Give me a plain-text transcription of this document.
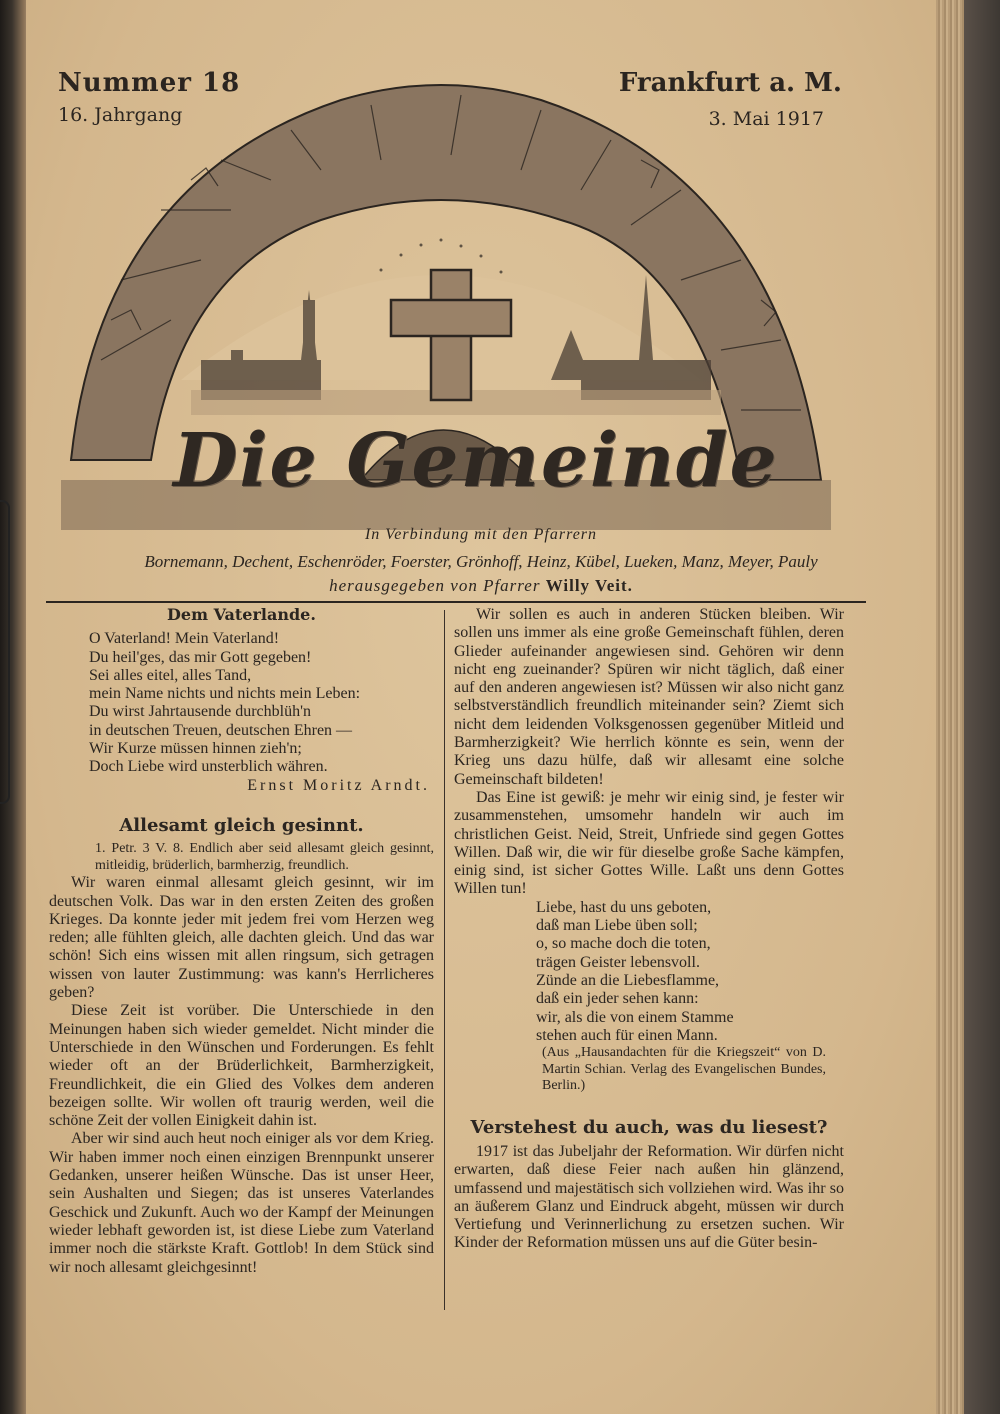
Nummer 18
16. Jahrgang
Frankfurt a. M.
3. Mai 1917
Die Gemeinde
In Verbindung mit den Pfarrern
Bornemann, Dechent, Eschenröder, Foerster, Grönhoff, Heinz, Kübel, Lueken, Manz, Meyer, Pauly
herausgegeben von Pfarrer Willy Veit.
Dem Vaterlande.
O Vaterland! Mein Vaterland!
Du heil'ges, das mir Gott gegeben!
Sei alles eitel, alles Tand,
mein Name nichts und nichts mein Leben:
Du wirst Jahrtausende durchblüh'n
in deutschen Treuen, deutschen Ehren —
Wir Kurze müssen hinnen zieh'n;
Doch Liebe wird unsterblich währen.
Ernst Moritz Arndt.
Allesamt gleich gesinnt.

1. Petr. 3 V. 8. Endlich aber seid allesamt gleich gesinnt, mitleidig, brüderlich, barmherzig, freundlich.

Wir waren einmal allesamt gleich gesinnt, wir im deutschen Volk. Das war in den ersten Zeiten des großen Krieges. Da konnte jeder mit jedem frei vom Herzen weg reden; alle fühlten gleich, alle dachten gleich. Und das war schön! Sich eins wissen mit allen ringsum, sich getragen wissen von lauter Zustimmung: was kann's Herrlicheres geben?

Diese Zeit ist vorüber. Die Unterschiede in den Meinungen haben sich wieder gemeldet. Nicht minder die Unterschiede in den Wünschen und Forderungen. Es fehlt wieder oft an der Brüderlichkeit, Barmherzigkeit, Freundlichkeit, die ein Glied des Volkes dem anderen bezeigen sollte. Wir wollen oft traurig werden, weil die schöne Zeit der vollen Einigkeit dahin ist.

Aber wir sind auch heut noch einiger als vor dem Krieg. Wir haben immer noch einen einzigen Brennpunkt unserer Gedanken, unserer heißen Wünsche. Das ist unser Heer, sein Aushalten und Siegen; das ist unseres Vaterlandes Geschick und Zukunft. Auch wo der Kampf der Meinungen wieder lebhaft geworden ist, ist diese Liebe zum Vaterland immer noch die stärkste Kraft. Gottlob! In dem Stück sind wir noch allesamt gleichgesinnt!

Wir sollen es auch in anderen Stücken bleiben. Wir sollen uns immer als eine große Gemeinschaft fühlen, deren Glieder aufeinander angewiesen sind. Gehören wir denn nicht eng zueinander? Spüren wir nicht täglich, daß einer auf den anderen angewiesen ist? Müssen wir also nicht ganz selbstverständlich freundlich miteinander sein? Ziemt sich nicht dem leidenden Volksgenossen gegenüber Mitleid und Barmherzigkeit? Wie herrlich könnte es sein, wenn der Krieg uns dazu hülfe, daß wir allesamt eine solche Gemeinschaft bildeten!

Das Eine ist gewiß: je mehr wir einig sind, je fester wir zusammenstehen, umsomehr handeln wir auch im christlichen Geist. Neid, Streit, Unfriede sind gegen Gottes Willen. Daß wir, die wir für dieselbe große Sache kämpfen, einig sind, ist sicher Gottes Wille. Laßt uns denn Gottes Willen tun!

Liebe, hast du uns geboten,
daß man Liebe üben soll;
o, so mache doch die toten,
trägen Geister lebensvoll.
Zünde an die Liebesflamme,
daß ein jeder sehen kann:
wir, als die von einem Stamme
stehen auch für einen Mann.

(Aus „Hausandachten für die Kriegszeit“ von D. Martin Schian. Verlag des Evangelischen Bundes, Berlin.)

Verstehest du auch, was du liesest?

1917 ist das Jubeljahr der Reformation. Wir dürfen nicht erwarten, daß diese Feier nach außen hin glänzend, umfassend und majestätisch sich vollziehen wird. Was ihr so an äußerem Glanz und Eindruck abgeht, müssen wir durch Vertiefung und Verinnerlichung zu ersetzen suchen. Wir Kinder der Reformation müssen uns auf die Güter besin-
